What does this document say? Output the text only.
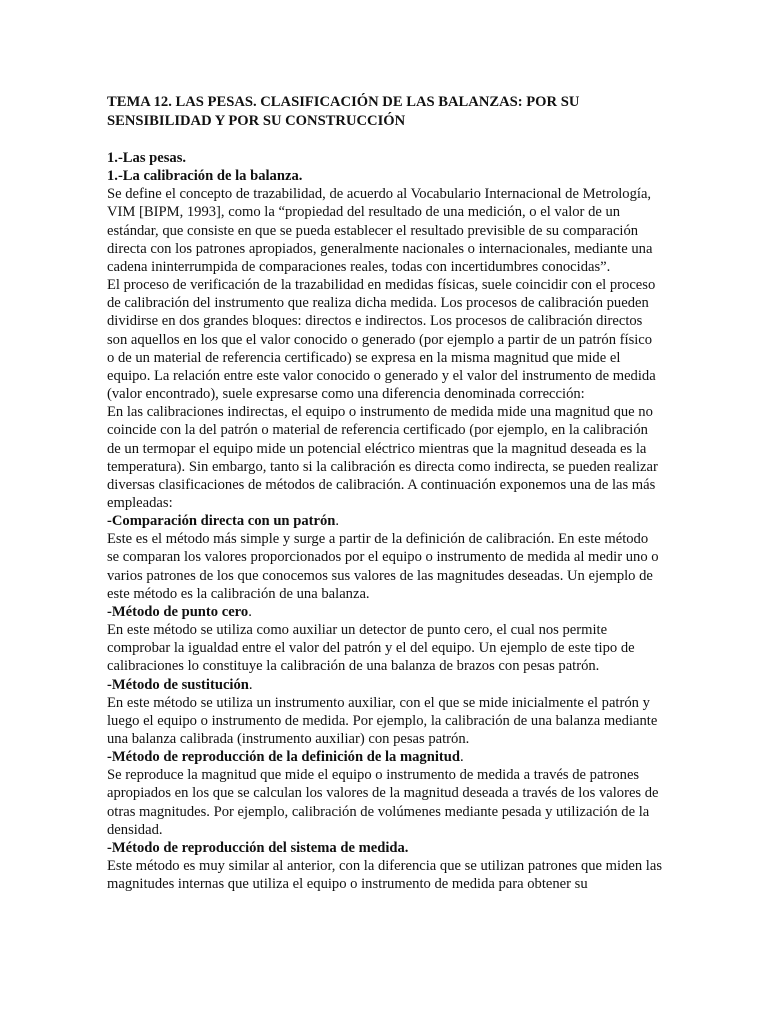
TEMA 12. LAS PESAS. CLASIFICACIÓN DE LAS BALANZAS: POR SU SENSIBILIDAD Y POR SU CONSTRUCCIÓN

1.-Las pesas.

1.-La calibración de la balanza.

Se define el concepto de trazabilidad, de acuerdo al Vocabulario Internacional de Metrología, VIM [BIPM, 1993], como la “propiedad del resultado de una medición, o el valor de un estándar, que consiste en que se pueda establecer el resultado previsible de su comparación directa con los patrones apropiados, generalmente nacionales o internacionales, mediante una cadena ininterrumpida de comparaciones reales, todas con incertidumbres conocidas”.

El proceso de verificación de la trazabilidad en medidas físicas, suele coincidir con el proceso de calibración del instrumento que realiza dicha medida. Los procesos de calibración pueden dividirse en dos grandes bloques: directos e indirectos. Los procesos de calibración directos son aquellos en los que el valor conocido o generado (por ejemplo a partir de un patrón físico o de un material de referencia certificado) se expresa en la misma magnitud que mide el equipo. La relación entre este valor conocido o generado y el valor del instrumento de medida (valor encontrado), suele expresarse como una diferencia denominada corrección:

En las calibraciones indirectas, el equipo o instrumento de medida mide una magnitud que no coincide con la del patrón o material de referencia certificado (por ejemplo, en la calibración de un termopar el equipo mide un potencial eléctrico mientras que la magnitud deseada es la temperatura). Sin embargo, tanto si la calibración es directa como indirecta, se pueden realizar diversas clasificaciones de métodos de calibración. A continuación exponemos una de las más empleadas:

-Comparación directa con un patrón.

Este es el método más simple y surge a partir de la definición de calibración. En este método se comparan los valores proporcionados por el equipo o instrumento de medida al medir uno o varios patrones de los que conocemos sus valores de las magnitudes deseadas. Un ejemplo de este método es la calibración de una balanza.

-Método de punto cero.

En este método se utiliza como auxiliar un detector de punto cero, el cual nos permite comprobar la igualdad entre el valor del patrón y el del equipo. Un ejemplo de este tipo de calibraciones lo constituye la calibración de una balanza de brazos con pesas patrón.

-Método de sustitución.

En este método se utiliza un instrumento auxiliar, con el que se mide inicialmente el patrón y luego el equipo o instrumento de medida. Por ejemplo, la calibración de una balanza mediante una balanza calibrada (instrumento auxiliar) con pesas patrón.

-Método de reproducción de la definición de la magnitud.

Se reproduce la magnitud que mide el equipo o instrumento de medida a través de patrones apropiados en los que se calculan los valores de la magnitud deseada a través de los valores de otras magnitudes. Por ejemplo, calibración de volúmenes mediante pesada y utilización de la densidad.

-Método de reproducción del sistema de medida.

Este método es muy similar al anterior, con la diferencia que se utilizan patrones que miden las magnitudes internas que utiliza el equipo o instrumento de medida para obtener su
